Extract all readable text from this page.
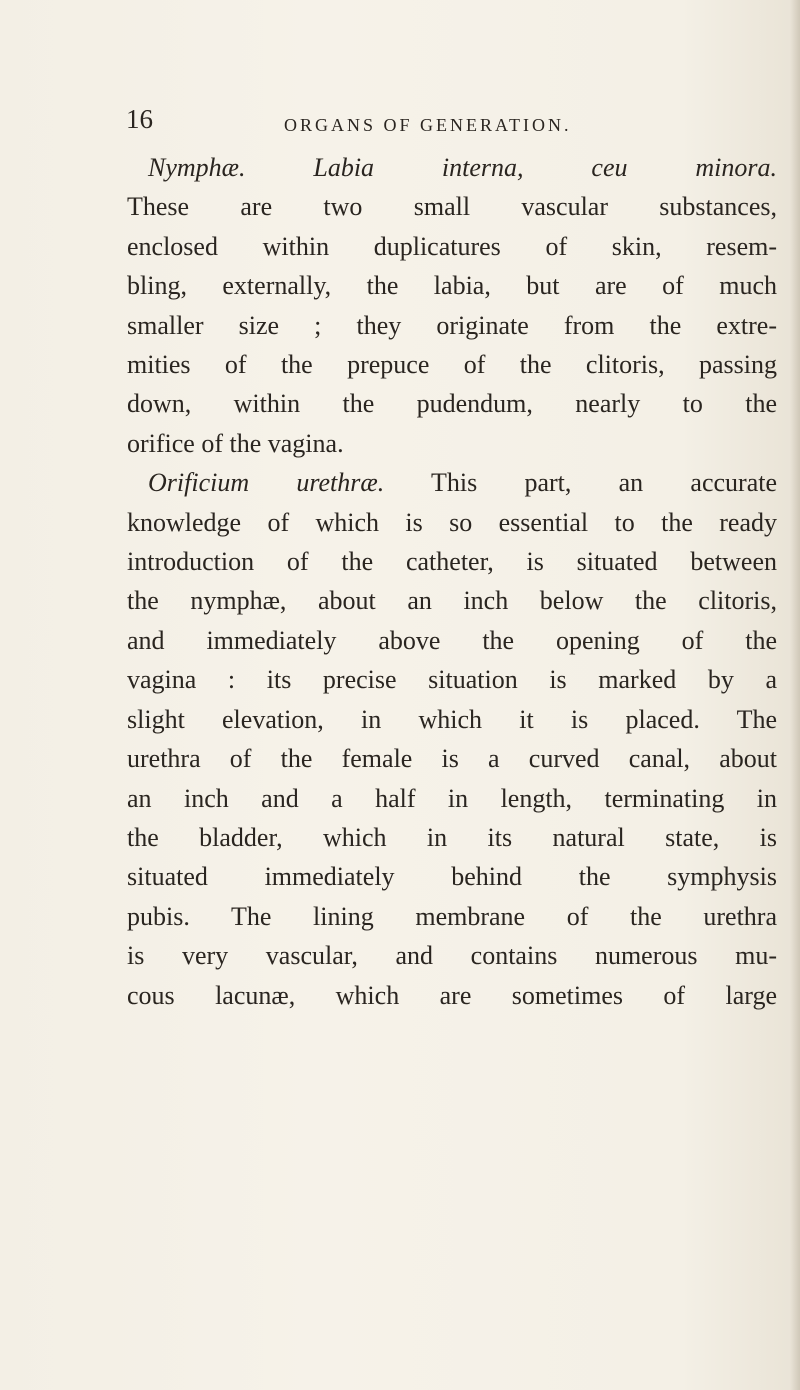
16	ORGANS OF GENERATION.

Nymphæ. Labia interna, ceu minora.
These are two small vascular substances,
enclosed within duplicatures of skin, resem-
bling, externally, the labia, but are of much
smaller size ; they originate from the extre-
mities of the prepuce of the clitoris, passing
down, within the pudendum, nearly to the
orifice of the vagina.

Orificium urethræ. This part, an accurate
knowledge of which is so essential to the ready
introduction of the catheter, is situated between
the nymphæ, about an inch below the clitoris,
and immediately above the opening of the
vagina : its precise situation is marked by a
slight elevation, in which it is placed. The
urethra of the female is a curved canal, about
an inch and a half in length, terminating in
the bladder, which in its natural state, is
situated immediately behind the symphysis
pubis. The lining membrane of the urethra
is very vascular, and contains numerous mu-
cous lacunæ, which are sometimes of large
